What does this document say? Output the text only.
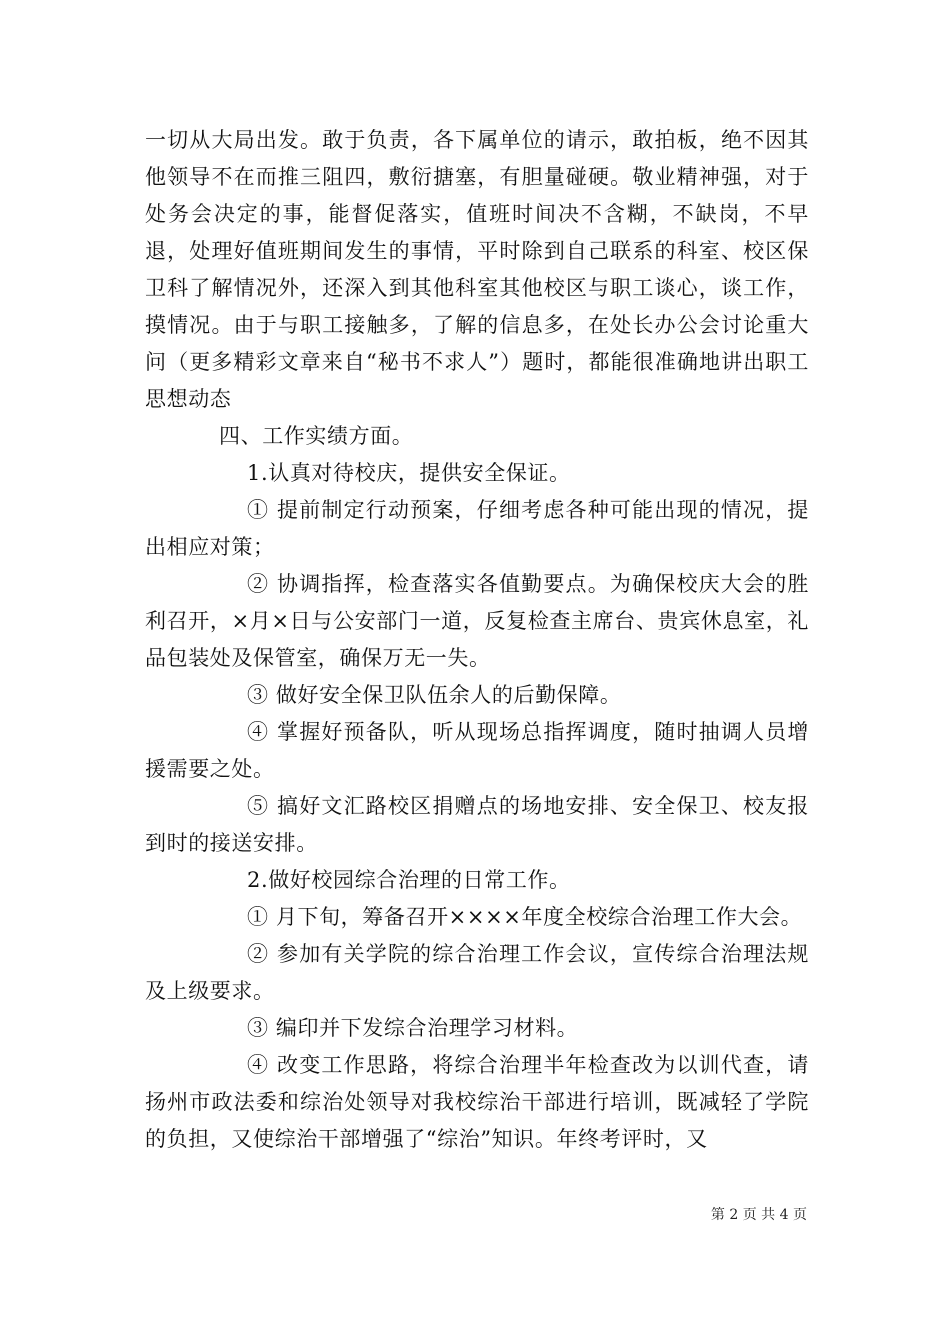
一切从大局出发。敢于负责，各下属单位的请示，敢拍板，绝不因其他领导不在而推三阻四，敷衍搪塞，有胆量碰硬。敬业精神强，对于处务会决定的事，能督促落实，值班时间决不含糊，不缺岗，不早退，处理好值班期间发生的事情，平时除到自己联系的科室、校区保卫科了解情况外，还深入到其他科室其他校区与职工谈心，谈工作，摸情况。由于与职工接触多，了解的信息多，在处长办公会讨论重大问（更多精彩文章来自“秘书不求人”）题时，都能很准确地讲出职工思想动态

四、工作实绩方面。

1.认真对待校庆，提供安全保证。

① 提前制定行动预案，仔细考虑各种可能出现的情况，提出相应对策；

② 协调指挥，检查落实各值勤要点。为确保校庆大会的胜利召开，×月×日与公安部门一道，反复检查主席台、贵宾休息室，礼品包装处及保管室，确保万无一失。

③ 做好安全保卫队伍余人的后勤保障。

④ 掌握好预备队，听从现场总指挥调度，随时抽调人员增援需要之处。

⑤ 搞好文汇路校区捐赠点的场地安排、安全保卫、校友报到时的接送安排。

2.做好校园综合治理的日常工作。

① 月下旬，筹备召开××××年度全校综合治理工作大会。

② 参加有关学院的综合治理工作会议，宣传综合治理法规及上级要求。

③ 编印并下发综合治理学习材料。

④ 改变工作思路，将综合治理半年检查改为以训代查，请扬州市政法委和综治处领导对我校综治干部进行培训，既减轻了学院的负担，又使综治干部增强了“综治”知识。年终考评时，又

第 2 页 共 4 页
